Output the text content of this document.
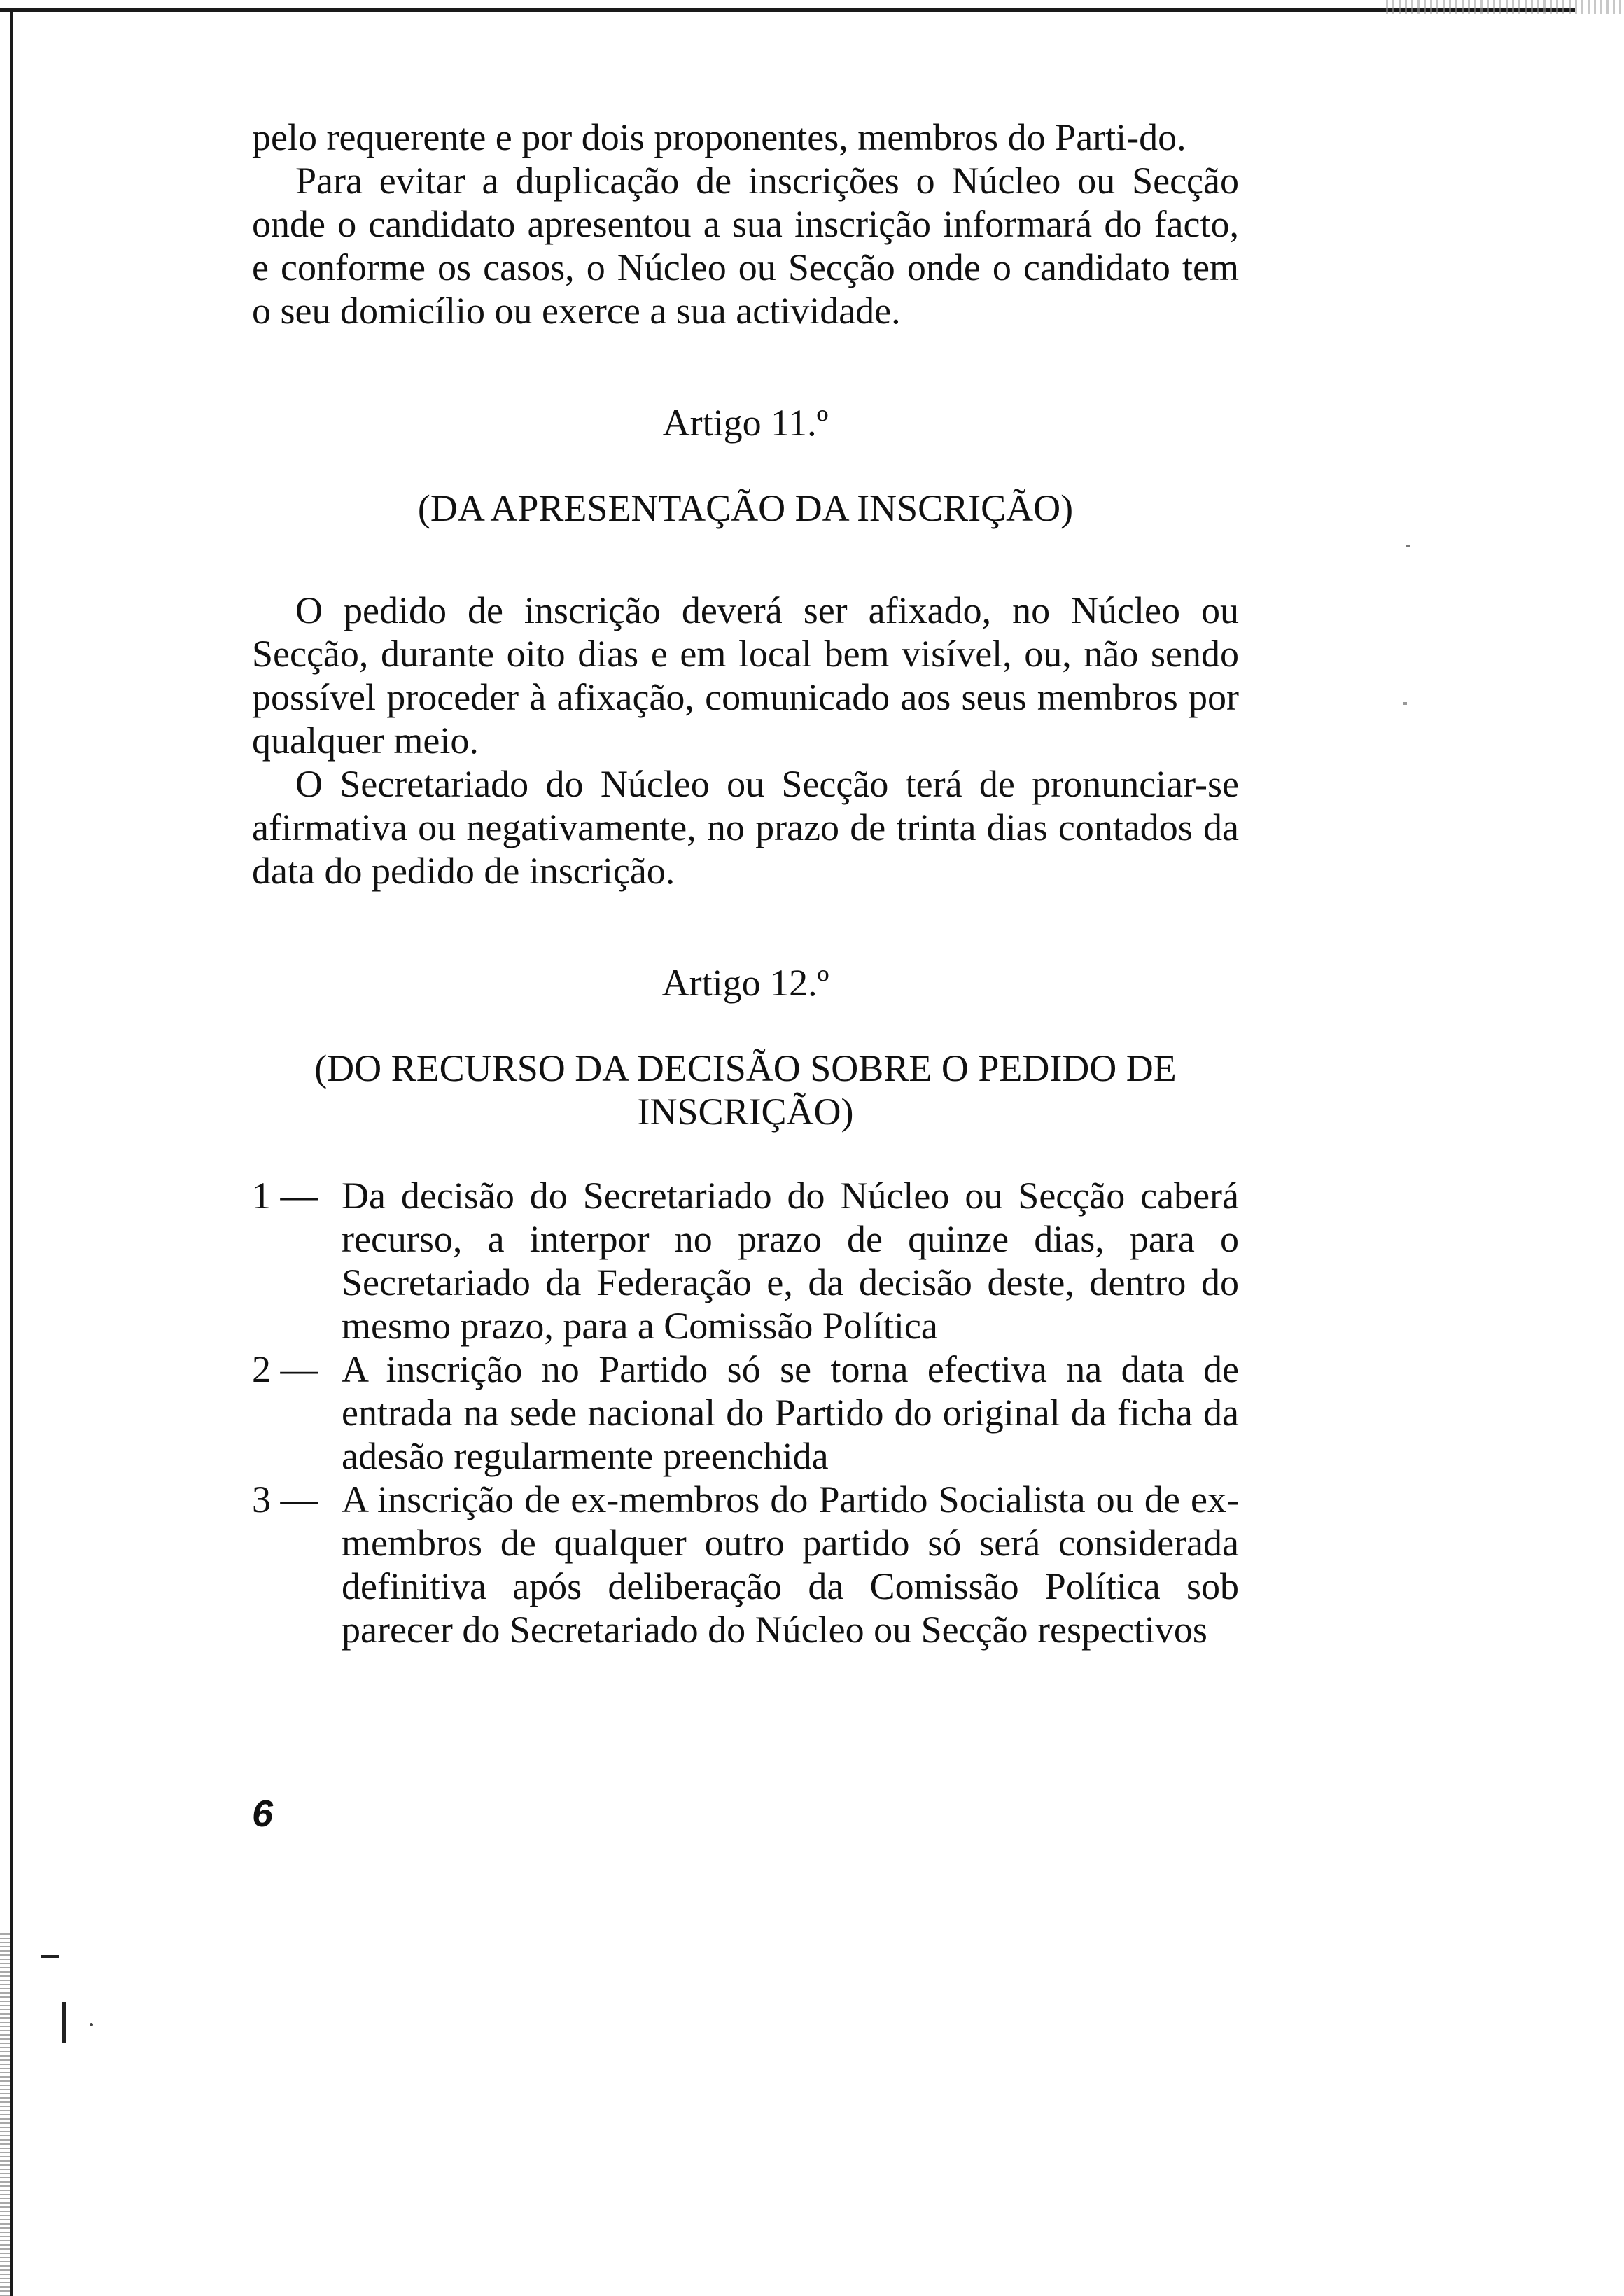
pelo requerente e por dois proponentes, membros do Parti-do.

Para evitar a duplicação de inscrições o Núcleo ou Secção onde o candidato apresentou a sua inscrição informará do facto, e conforme os casos, o Núcleo ou Secção onde o candidato tem o seu domicílio ou exerce a sua actividade.

Artigo 11.º

(DA APRESENTAÇÃO DA INSCRIÇÃO)

O pedido de inscrição deverá ser afixado, no Núcleo ou Secção, durante oito dias e em local bem visível, ou, não sendo possível proceder à afixação, comunicado aos seus membros por qualquer meio.

O Secretariado do Núcleo ou Secção terá de pronunciar-se afirmativa ou negativamente, no prazo de trinta dias contados da data do pedido de inscrição.

Artigo 12.º

(DO RECURSO DA DECISÃO SOBRE O PEDIDO DE

INSCRIÇÃO)

1 — Da decisão do Secretariado do Núcleo ou Secção caberá recurso, a interpor no prazo de quinze dias, para o Secretariado da Federação e, da decisão deste, dentro do mesmo prazo, para a Comissão Política

2 — A inscrição no Partido só se torna efectiva na data de entrada na sede nacional do Partido do original da ficha da adesão regularmente preenchida

3 — A inscrição de ex-membros do Partido Socialista ou de ex-membros de qualquer outro partido só será considerada definitiva após deliberação da Comissão Política sob parecer do Secretariado do Núcleo ou Secção respectivos

6
